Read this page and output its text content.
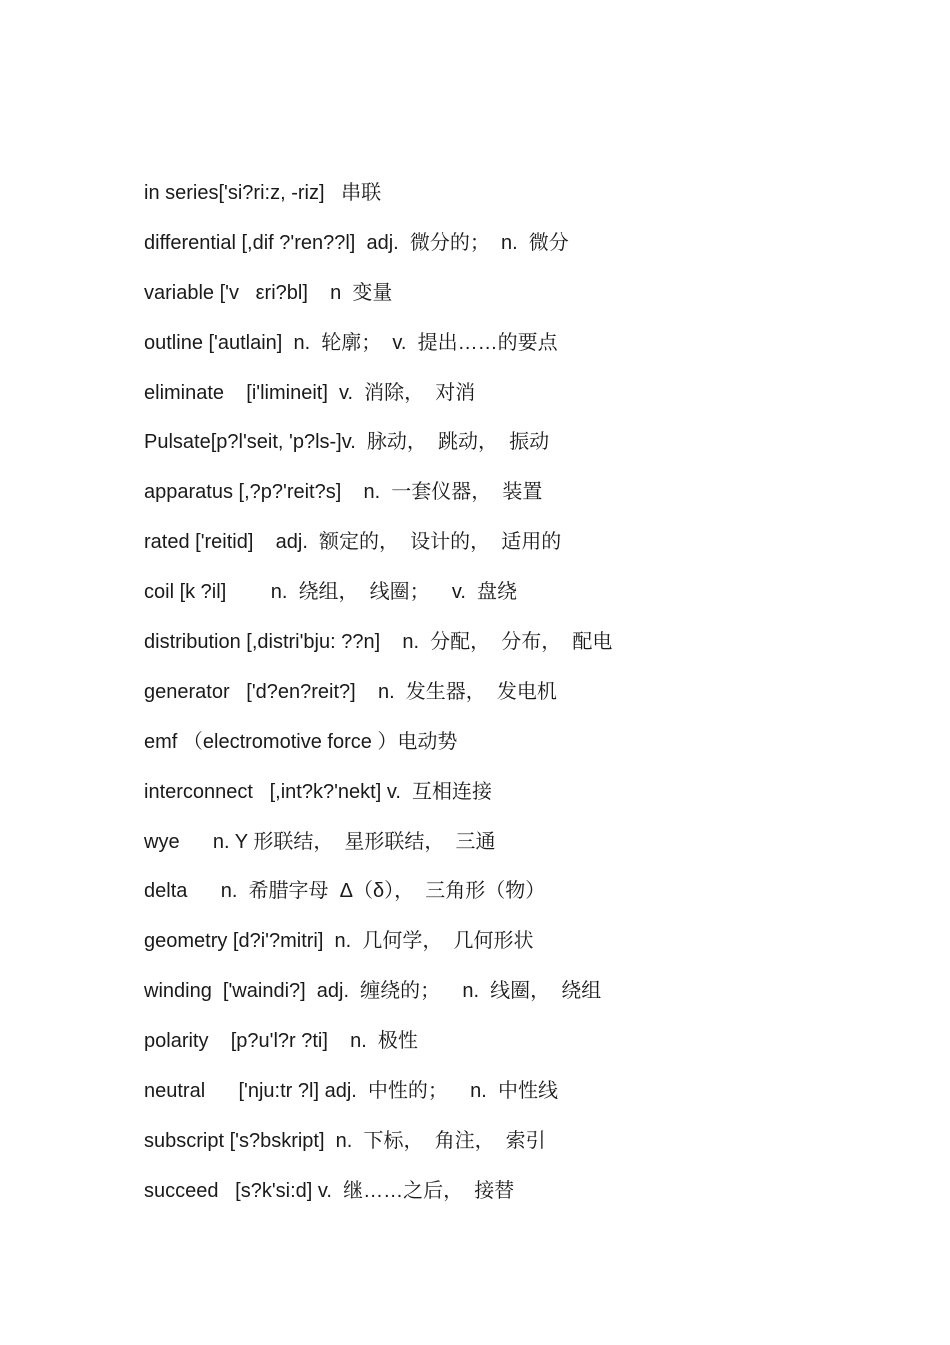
in series['si?ri:z, -riz]   串联
differential [,dif ?'ren??l]  adj.  微分的；  n.  微分
variable ['v   εri?bl]    n  变量
outline ['autlain]  n.  轮廓；  v.  提出……的要点
eliminate    [i'limineit]  v.  消除，  对消
Pulsate[p?l'seit, 'p?ls-]v.  脉动，  跳动，  振动
apparatus [,?p?'reit?s]    n.  一套仪器，  装置
rated ['reitid]    adj.  额定的，  设计的，  适用的
coil [k ?il]        n.  绕组，  线圈；    v.  盘绕
distribution [,distri'bju: ??n]    n.  分配，  分布，  配电
generator   ['d?en?reit?]    n.  发生器，  发电机
emf （electromotive force ）电动势
interconnect   [,int?k?'nekt] v.  互相连接
wye      n. Y 形联结，  星形联结，  三通
delta      n.  希腊字母  Δ（δ），  三角形（物）
geometry [d?i'?mitri]  n.  几何学，  几何形状
winding  ['waindi?]  adj.  缠绕的；    n.  线圈，  绕组
polarity    [p?u'l?r ?ti]    n.  极性
neutral      ['nju:tr ?l] adj.  中性的；    n.  中性线
subscript ['s?bskript]  n.  下标，  角注，  索引
succeed   [s?k'si:d] v.  继……之后，  接替
